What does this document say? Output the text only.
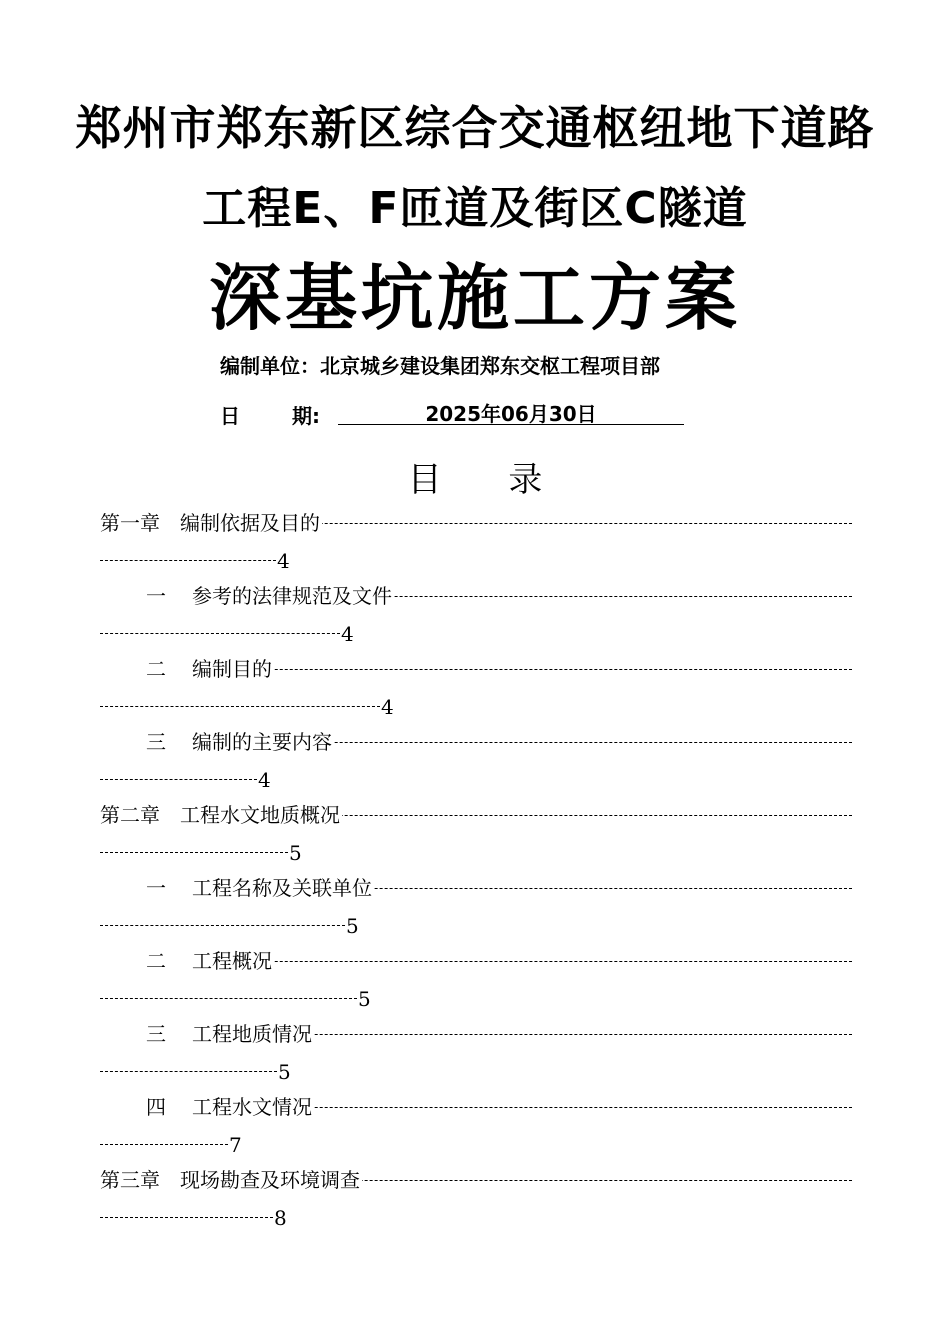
郑州市郑东新区综合交通枢纽地下道路
工程E、F匝道及街区C隧道
深基坑施工方案
编制单位：北京城乡建设集团郑东交枢工程项目部
日	期:	2025年06月30日
目 录
第一章 编制依据及目的
4
一 参考的法律规范及文件
4
二 编制目的
4
三 编制的主要内容
4
第二章 工程水文地质概况
5
一 工程名称及关联单位
5
二 工程概况
5
三 工程地质情况
5
四 工程水文情况
7
第三章 现场勘查及环境调查
8
